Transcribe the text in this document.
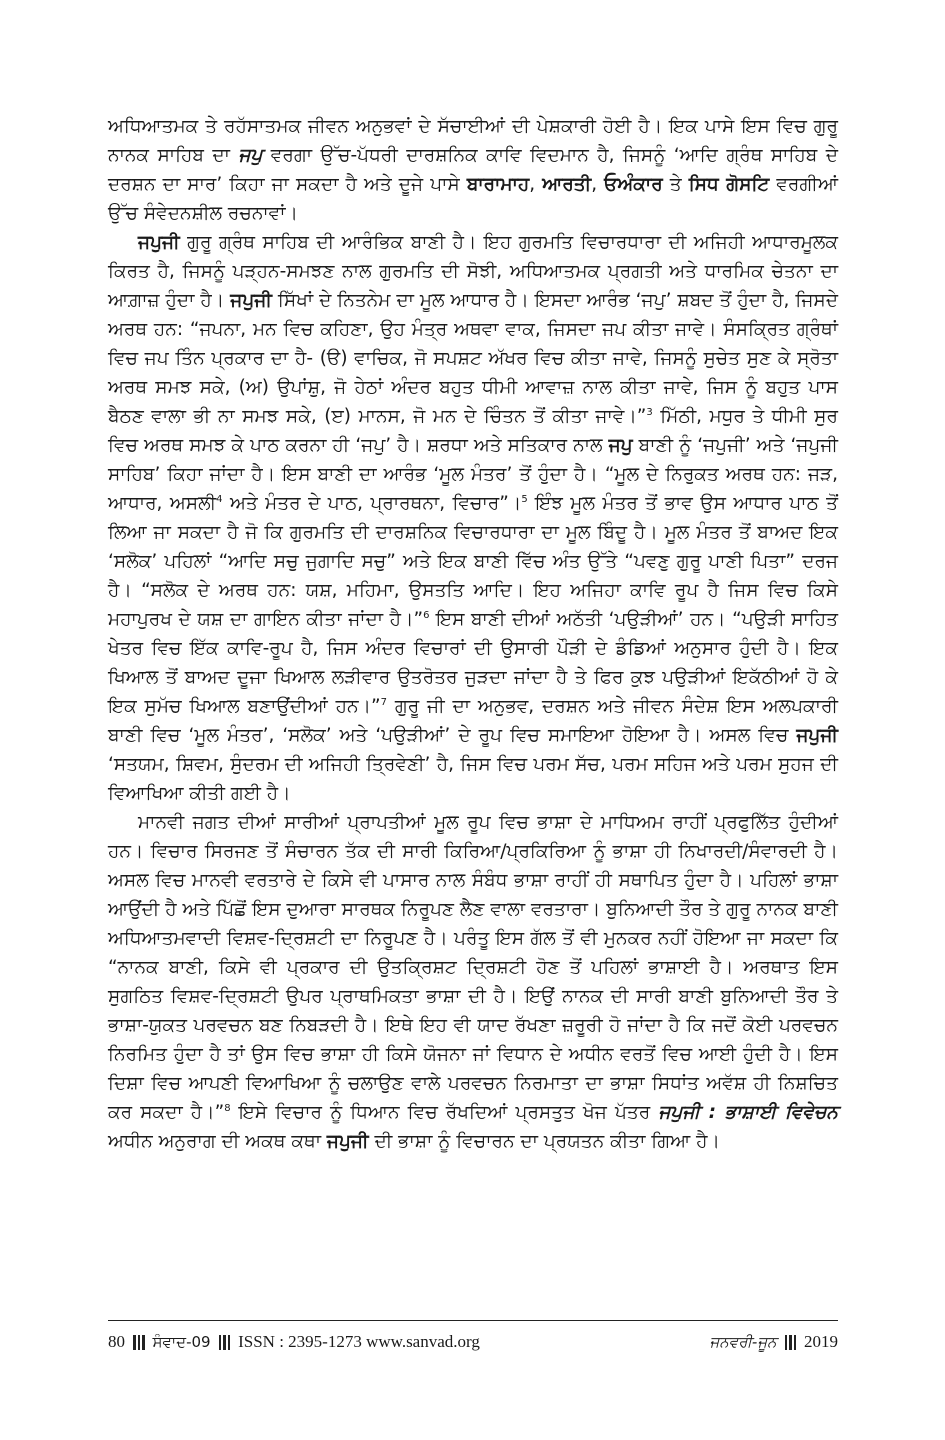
ਅਧਿਆਤਮਕ ਤੇ ਰਹੱਸਾਤਮਕ ਜੀਵਨ ਅਨੁਭਵਾਂ ਦੇ ਸੱਚਾਈਆਂ ਦੀ ਪੇਸ਼ਕਾਰੀ ਹੋਈ ਹੈ। ਇਕ ਪਾਸੇ ਇਸ ਵਿਚ ਗੁਰੂ ਨਾਨਕ ਸਾਹਿਬ ਦਾ ਜਪੁ ਵਰਗਾ ਉੱਚ-ਪੱਧਰੀ ਦਾਰਸ਼ਨਿਕ ਕਾਵਿ ਵਿਦਮਾਨ ਹੈ, ਜਿਸਨੂੰ ‘ਆਦਿ ਗ੍ਰੰਥ ਸਾਹਿਬ ਦੇ ਦਰਸ਼ਨ ਦਾ ਸਾਰ’ ਕਿਹਾ ਜਾ ਸਕਦਾ ਹੈ ਅਤੇ ਦੂਜੇ ਪਾਸੇ ਬਾਰਾਮਾਹ, ਆਰਤੀ, ਓਅੰਕਾਰ ਤੇ ਸਿਧ ਗੋਸਟਿ ਵਰਗੀਆਂ ਉੱਚ ਸੰਵੇਦਨਸ਼ੀਲ ਰਚਨਾਵਾਂ।

ਜਪੁਜੀ ਗੁਰੂ ਗ੍ਰੰਥ ਸਾਹਿਬ ਦੀ ਆਰੰਭਿਕ ਬਾਣੀ ਹੈ। ਇਹ ਗੁਰਮਤਿ ਵਿਚਾਰਧਾਰਾ ਦੀ ਅਜਿਹੀ ਆਧਾਰਮੂਲਕ ਕਿਰਤ ਹੈ, ਜਿਸਨੂੰ ਪੜ੍ਹਨ-ਸਮਝਣ ਨਾਲ ਗੁਰਮਤਿ ਦੀ ਸੋਝੀ, ਅਧਿਆਤਮਕ ਪ੍ਰਗਤੀ ਅਤੇ ਧਾਰਮਿਕ ਚੇਤਨਾ ਦਾ ਆਗ਼ਾਜ਼ ਹੁੰਦਾ ਹੈ। ਜਪੁਜੀ ਸਿੱਖਾਂ ਦੇ ਨਿਤਨੇਮ ਦਾ ਮੂਲ ਆਧਾਰ ਹੈ। ਇਸਦਾ ਆਰੰਭ ‘ਜਪੁ’ ਸ਼ਬਦ ਤੋਂ ਹੁੰਦਾ ਹੈ, ਜਿਸਦੇ ਅਰਥ ਹਨ: “ਜਪਨਾ, ਮਨ ਵਿਚ ਕਹਿਣਾ, ਉਹ ਮੰਤ੍ਰ ਅਥਵਾ ਵਾਕ, ਜਿਸਦਾ ਜਪ ਕੀਤਾ ਜਾਵੇ। ਸੰਸਕ੍ਰਿਤ ਗ੍ਰੰਥਾਂ ਵਿਚ ਜਪ ਤਿੰਨ ਪ੍ਰਕਾਰ ਦਾ ਹੈ- (ੳ) ਵਾਚਿਕ, ਜੋ ਸਪਸ਼ਟ ਅੱਖਰ ਵਿਚ ਕੀਤਾ ਜਾਵੇ, ਜਿਸਨੂੰ ਸੁਚੇਤ ਸੁਣ ਕੇ ਸ੍ਰੋਤਾ ਅਰਥ ਸਮਝ ਸਕੇ, (ਅ) ਉਪਾਂਸ਼ੁ, ਜੋ ਹੇਠਾਂ ਅੰਦਰ ਬਹੁਤ ਧੀਮੀ ਆਵਾਜ਼ ਨਾਲ ਕੀਤਾ ਜਾਵੇ, ਜਿਸ ਨੂੰ ਬਹੁਤ ਪਾਸ ਬੈਠਣ ਵਾਲਾ ਭੀ ਨਾ ਸਮਝ ਸਕੇ, (ੲ) ਮਾਨਸ, ਜੋ ਮਨ ਦੇ ਚਿੰਤਨ ਤੋਂ ਕੀਤਾ ਜਾਵੇ।”$^3$ ਮਿੱਠੀ, ਮਧੁਰ ਤੇ ਧੀਮੀ ਸੁਰ ਵਿਚ ਅਰਥ ਸਮਝ ਕੇ ਪਾਠ ਕਰਨਾ ਹੀ ‘ਜਪੁ’ ਹੈ। ਸ਼ਰਧਾ ਅਤੇ ਸਤਿਕਾਰ ਨਾਲ ਜਪੁ ਬਾਣੀ ਨੂੰ ‘ਜਪੁਜੀ’ ਅਤੇ ‘ਜਪੁਜੀ ਸਾਹਿਬ’ ਕਿਹਾ ਜਾਂਦਾ ਹੈ। ਇਸ ਬਾਣੀ ਦਾ ਆਰੰਭ ‘ਮੂਲ ਮੰਤਰ’ ਤੋਂ ਹੁੰਦਾ ਹੈ। “ਮੂਲ ਦੇ ਨਿਰੁਕਤ ਅਰਥ ਹਨ: ਜੜ, ਆਧਾਰ, ਅਸਲੀ$^4$ ਅਤੇ ਮੰਤਰ ਦੇ ਪਾਠ, ਪ੍ਰਾਰਥਨਾ, ਵਿਚਾਰ”।$^5$ ਇੰਝ ਮੂਲ ਮੰਤਰ ਤੋਂ ਭਾਵ ਉਸ ਆਧਾਰ ਪਾਠ ਤੋਂ ਲਿਆ ਜਾ ਸਕਦਾ ਹੈ ਜੋ ਕਿ ਗੁਰਮਤਿ ਦੀ ਦਾਰਸ਼ਨਿਕ ਵਿਚਾਰਧਾਰਾ ਦਾ ਮੂਲ ਬਿੰਦੂ ਹੈ। ਮੂਲ ਮੰਤਰ ਤੋਂ ਬਾਅਦ ਇਕ ‘ਸਲੋਕ’ ਪਹਿਲਾਂ “ਆਦਿ ਸਚੁ ਜੁਗਾਦਿ ਸਚੁ” ਅਤੇ ਇਕ ਬਾਣੀ ਵਿੱਚ ਅੰਤ ਉੱਤੇ “ਪਵਣੁ ਗੁਰੂ ਪਾਣੀ ਪਿਤਾ” ਦਰਜ ਹੈ। “ਸਲੋਕ ਦੇ ਅਰਥ ਹਨ: ਯਸ਼, ਮਹਿਮਾ, ਉਸਤਤਿ ਆਦਿ। ਇਹ ਅਜਿਹਾ ਕਾਵਿ ਰੂਪ ਹੈ ਜਿਸ ਵਿਚ ਕਿਸੇ ਮਹਾਪੁਰਖ ਦੇ ਯਸ਼ ਦਾ ਗਾਇਨ ਕੀਤਾ ਜਾਂਦਾ ਹੈ।”$^6$ ਇਸ ਬਾਣੀ ਦੀਆਂ ਅਠੱਤੀ ‘ਪਉੜੀਆਂ’ ਹਨ। “ਪਉੜੀ ਸਾਹਿਤ ਖੇਤਰ ਵਿਚ ਇੱਕ ਕਾਵਿ-ਰੂਪ ਹੈ, ਜਿਸ ਅੰਦਰ ਵਿਚਾਰਾਂ ਦੀ ਉਸਾਰੀ ਪੌੜੀ ਦੇ ਡੰਡਿਆਂ ਅਨੁਸਾਰ ਹੁੰਦੀ ਹੈ। ਇਕ ਖਿਆਲ ਤੋਂ ਬਾਅਦ ਦੂਜਾ ਖਿਆਲ ਲੜੀਵਾਰ ਉਤਰੋਤਰ ਜੁੜਦਾ ਜਾਂਦਾ ਹੈ ਤੇ ਫਿਰ ਕੁਝ ਪਉੜੀਆਂ ਇਕੱਠੀਆਂ ਹੋ ਕੇ ਇਕ ਸੁਮੱਚ ਖਿਆਲ ਬਣਾਉਂਦੀਆਂ ਹਨ।”$^7$ ਗੁਰੂ ਜੀ ਦਾ ਅਨੁਭਵ, ਦਰਸ਼ਨ ਅਤੇ ਜੀਵਨ ਸੰਦੇਸ਼ ਇਸ ਅਲਪਕਾਰੀ ਬਾਣੀ ਵਿਚ ‘ਮੂਲ ਮੰਤਰ’, ‘ਸਲੋਕ’ ਅਤੇ ‘ਪਉੜੀਆਂ’ ਦੇ ਰੂਪ ਵਿਚ ਸਮਾਇਆ ਹੋਇਆ ਹੈ। ਅਸਲ ਵਿਚ ਜਪੁਜੀ ‘ਸਤਯਮ, ਸ਼ਿਵਮ, ਸੁੰਦਰਮ ਦੀ ਅਜਿਹੀ ਤ੍ਰਿਵੇਣੀ’ ਹੈ, ਜਿਸ ਵਿਚ ਪਰਮ ਸੱਚ, ਪਰਮ ਸਹਿਜ ਅਤੇ ਪਰਮ ਸੁਹਜ ਦੀ ਵਿਆਖਿਆ ਕੀਤੀ ਗਈ ਹੈ।

ਮਾਨਵੀ ਜਗਤ ਦੀਆਂ ਸਾਰੀਆਂ ਪ੍ਰਾਪਤੀਆਂ ਮੂਲ ਰੂਪ ਵਿਚ ਭਾਸ਼ਾ ਦੇ ਮਾਧਿਅਮ ਰਾਹੀਂ ਪ੍ਰਫੁਲਿੱਤ ਹੁੰਦੀਆਂ ਹਨ। ਵਿਚਾਰ ਸਿਰਜਣ ਤੋਂ ਸੰਚਾਰਨ ਤੱਕ ਦੀ ਸਾਰੀ ਕਿਰਿਆ/ਪ੍ਰਕਿਰਿਆ ਨੂੰ ਭਾਸ਼ਾ ਹੀ ਨਿਖਾਰਦੀ/ਸੰਵਾਰਦੀ ਹੈ। ਅਸਲ ਵਿਚ ਮਾਨਵੀ ਵਰਤਾਰੇ ਦੇ ਕਿਸੇ ਵੀ ਪਾਸਾਰ ਨਾਲ ਸੰਬੰਧ ਭਾਸ਼ਾ ਰਾਹੀਂ ਹੀ ਸਥਾਪਿਤ ਹੁੰਦਾ ਹੈ। ਪਹਿਲਾਂ ਭਾਸ਼ਾ ਆਉਂਦੀ ਹੈ ਅਤੇ ਪਿੱਛੋਂ ਇਸ ਦੁਆਰਾ ਸਾਰਥਕ ਨਿਰੂਪਣ ਲੈਣ ਵਾਲਾ ਵਰਤਾਰਾ। ਬੁਨਿਆਦੀ ਤੌਰ ਤੇ ਗੁਰੂ ਨਾਨਕ ਬਾਣੀ ਅਧਿਆਤਮਵਾਦੀ ਵਿਸ਼ਵ-ਦ੍ਰਿਸ਼ਟੀ ਦਾ ਨਿਰੂਪਣ ਹੈ। ਪਰੰਤੂ ਇਸ ਗੱਲ ਤੋਂ ਵੀ ਮੁਨਕਰ ਨਹੀਂ ਹੋਇਆ ਜਾ ਸਕਦਾ ਕਿ “ਨਾਨਕ ਬਾਣੀ, ਕਿਸੇ ਵੀ ਪ੍ਰਕਾਰ ਦੀ ਉਤਕ੍ਰਿਸ਼ਟ ਦ੍ਰਿਸ਼ਟੀ ਹੋਣ ਤੋਂ ਪਹਿਲਾਂ ਭਾਸ਼ਾਈ ਹੈ। ਅਰਥਾਤ ਇਸ ਸੁਗਠਿਤ ਵਿਸ਼ਵ-ਦ੍ਰਿਸ਼ਟੀ ਉਪਰ ਪ੍ਰਾਥਮਿਕਤਾ ਭਾਸ਼ਾ ਦੀ ਹੈ। ਇਉਂ ਨਾਨਕ ਦੀ ਸਾਰੀ ਬਾਣੀ ਬੁਨਿਆਦੀ ਤੌਰ ਤੇ ਭਾਸ਼ਾ-ਯੁਕਤ ਪਰਵਚਨ ਬਣ ਨਿਬੜਦੀ ਹੈ। ਇਥੇ ਇਹ ਵੀ ਯਾਦ ਰੱਖਣਾ ਜ਼ਰੂਰੀ ਹੋ ਜਾਂਦਾ ਹੈ ਕਿ ਜਦੋਂ ਕੋਈ ਪਰਵਚਨ ਨਿਰਮਿਤ ਹੁੰਦਾ ਹੈ ਤਾਂ ਉਸ ਵਿਚ ਭਾਸ਼ਾ ਹੀ ਕਿਸੇ ਯੋਜਨਾ ਜਾਂ ਵਿਧਾਨ ਦੇ ਅਧੀਨ ਵਰਤੋਂ ਵਿਚ ਆਈ ਹੁੰਦੀ ਹੈ। ਇਸ ਦਿਸ਼ਾ ਵਿਚ ਆਪਣੀ ਵਿਆਖਿਆ ਨੂੰ ਚਲਾਉਣ ਵਾਲੇ ਪਰਵਚਨ ਨਿਰਮਾਤਾ ਦਾ ਭਾਸ਼ਾ ਸਿਧਾਂਤ ਅਵੱਸ਼ ਹੀ ਨਿਸ਼ਚਿਤ ਕਰ ਸਕਦਾ ਹੈ।”$^8$ ਇਸੇ ਵਿਚਾਰ ਨੂੰ ਧਿਆਨ ਵਿਚ ਰੱਖਦਿਆਂ ਪ੍ਰਸਤੁਤ ਖੋਜ ਪੱਤਰ ਜਪੁਜੀ : ਭਾਸ਼ਾਈ ਵਿਵੇਚਨ ਅਧੀਨ ਅਨੁਰਾਗ ਦੀ ਅਕਥ ਕਥਾ ਜਪੁਜੀ ਦੀ ਭਾਸ਼ਾ ਨੂੰ ਵਿਚਾਰਨ ਦਾ ਪ੍ਰਯਤਨ ਕੀਤਾ ਗਿਆ ਹੈ।

80 ਸੰਵਾਦ-09 ISSN : 2395-1273 www.sanvad.org	ਜਨਵਰੀ-ਜੂਨ 2019
